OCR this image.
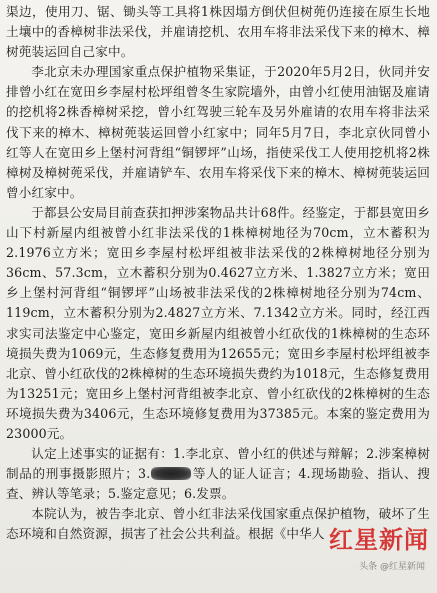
渠边，使用刀、锯、锄头等工具将1株因塌方倒伏但树蔸仍连接在原生长地土壤中的香樟树非法采伐，并雇请挖机、农用车将非法采伐下来的樟木、樟树蔸装运回自己家中。

李北京未办理国家重点保护植物采集证，于2020年5月2日，伙同并安排曾小红在宽田乡李屋村松坪组曾冬生家院墙外，由曾小红使用油锯及雇请的挖机将2株香樟树采挖，曾小红驾驶三轮车及另外雇请的农用车将非法采伐下来的樟木、樟树蔸装运回曾小红家中；同年5月7日，李北京伙同曾小红等人在宽田乡上堡村河背组“铜锣坪”山场，指使采伐工人使用挖机将2株樟树及樟树蔸采伐，并雇请铲车、农用车将采伐下来的樟木、樟树蔸装运回曾小红家中。

于都县公安局目前查获扣押涉案物品共计68件。经鉴定，于都县宽田乡山下村新屋内组被曾小红非法采伐的1株樟树地径为70cm，立木蓄积为2.1976立方米；宽田乡李屋村松坪组被非法采伐的2株樟树地径分别为36cm、57.3cm，立木蓄积分别为0.4627立方米、1.3827立方米；宽田乡上堡村河背组“铜锣坪”山场被非法采伐的2株樟树地径分别为74cm、119cm，立木蓄积分别为2.4827立方米、7.1342立方米。同时，经江西求实司法鉴定中心鉴定，宽田乡新屋内组被曾小红砍伐的1株樟树的生态环境损失费为1069元，生态修复费用为12655元；宽田乡李屋村松坪组被李北京、曾小红砍伐的2株樟树的生态环境损失费约为1018元，生态修复费用为13251元；宽田乡上堡村河背组被李北京、曾小红砍伐的2株樟树的生态环境损失费为3406元，生态环境修复费用为37385元。本案的鉴定费用为23000元。

认定上述事实的证据有：1.李北京、曾小红的供述与辩解；2.涉案樟树制品的刑事摄影照片；3.	等人的证人证言；4.现场勘验、指认、搜查、辨认等笔录；5.鉴定意见；6.发票。

本院认为，被告李北京、曾小红非法采伐国家重点保护植物，破坏了生态环境和自然资源，损害了社会公共利益。根据《中华人 红星新闻
头条 @红星新闻
